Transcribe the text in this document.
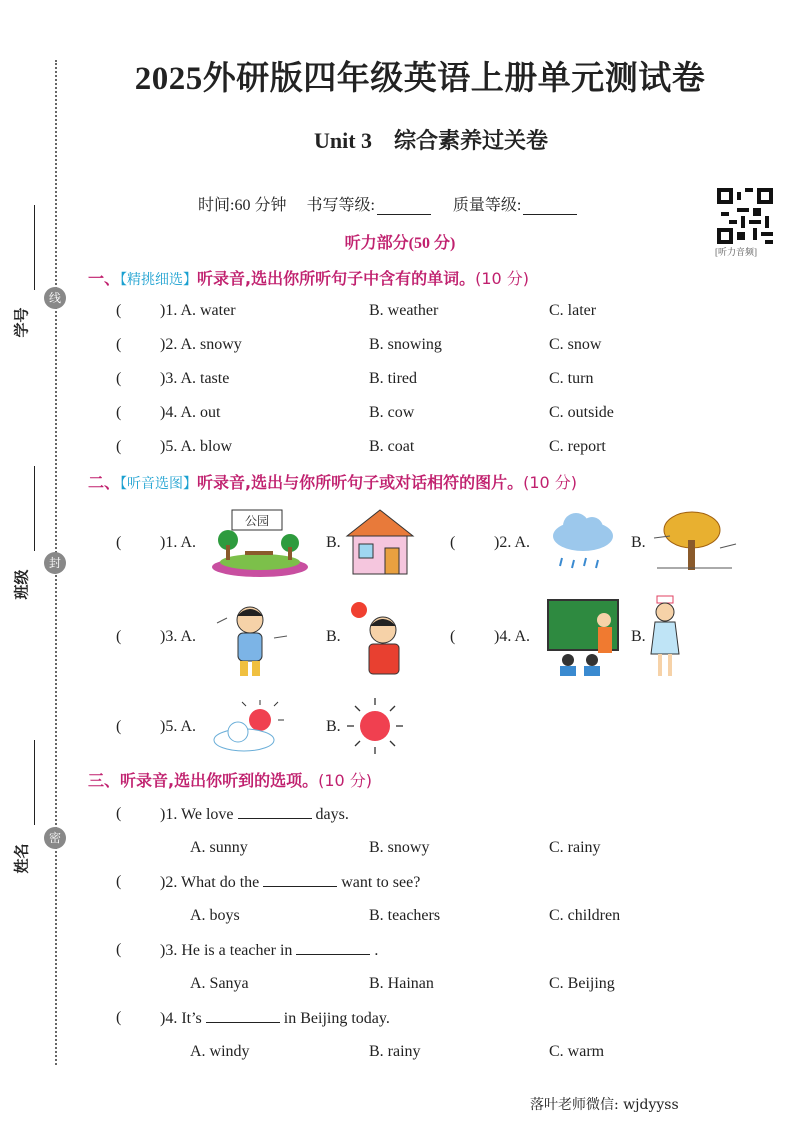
2025外研版四年级英语上册单元测试卷
Unit 3　综合素养过关卷
时间:60 分钟　 书写等级:	质量等级:
[听力音频]
听力部分(50 分)
线
封
密
学号
班级
姓名
一、【精挑细选】听录音,选出你所听句子中含有的单词。(10 分)
( )1. A. water	B. weather	C. later
( )2. A. snowy	B. snowing	C. snow
( )3. A. taste	B. tired	C. turn
( )4. A. out	B. cow	C. outside
( )5. A. blow	B. coat	C. report
二、【听音选图】听录音,选出与你所听句子或对话相符的图片。(10 分)
( )1. A.
公园
B.	( )2. A.	B.
( )3. A.	B.	( )4. A.	B.
( )5. A.	B.
三、听录音,选出你听到的选项。(10 分)
( )1. We love	days.
A. sunny	B. snowy	C. rainy
( )2. What do the	want to see?
A. boys	B. teachers	C. children
( )3. He is a teacher in	.
A. Sanya	B. Hainan	C. Beijing
( )4. It’s	in Beijing today.
A. windy	B. rainy	C. warm
落叶老师微信: wjdyyss
